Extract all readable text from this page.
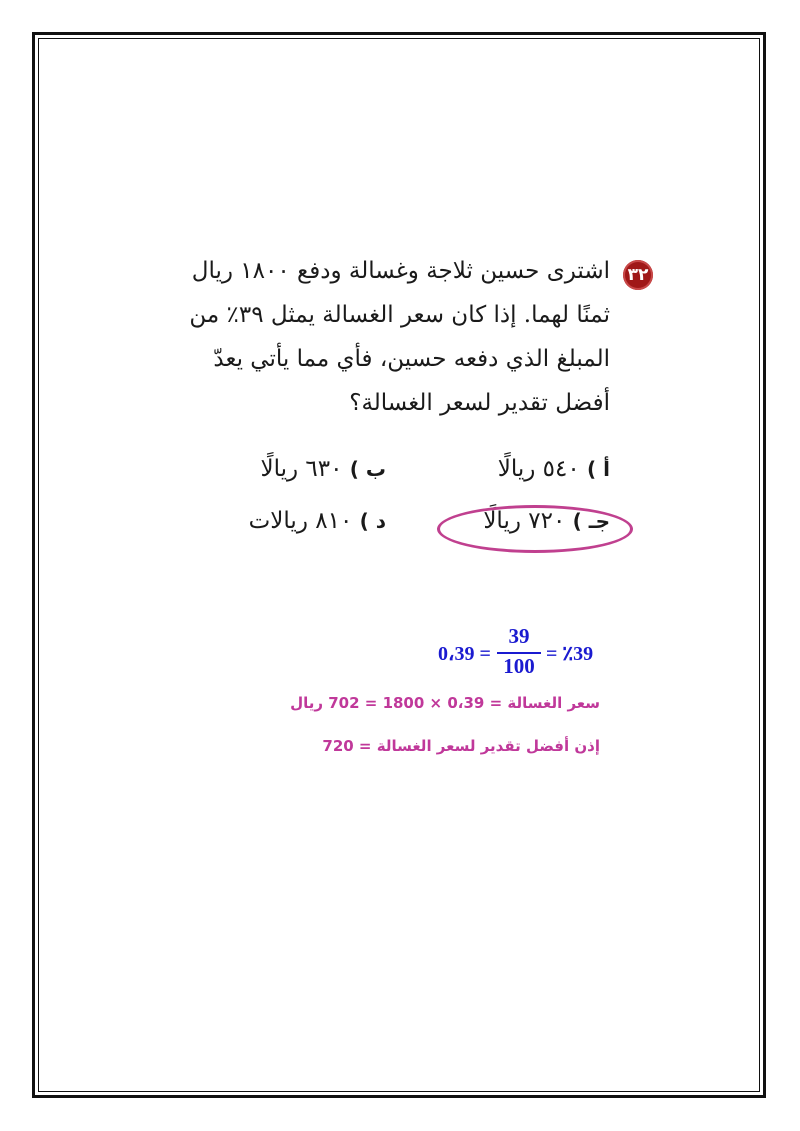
٣٢
اشترى حسين ثلاجة وغسالة ودفع ١٨٠٠ ريال
ثمنًا لهما. إذا كان سعر الغسالة يمثل ٣٩٪ من
المبلغ الذي دفعه حسين، فأي مما يأتي يعدّ
أفضل تقدير لسعر الغسالة؟
أ ) ٥٤٠ ريالًا
ب ) ٦٣٠ ريالًا
جـ ) ٧٢٠ ريالًا
د ) ٨١٠ ريالات
0،39 =
39
100 = ٪39
سعر الغسالة = 0،39 × 1800 = 702 ريال
إذن أفضل تقدير لسعر الغسالة = 720
